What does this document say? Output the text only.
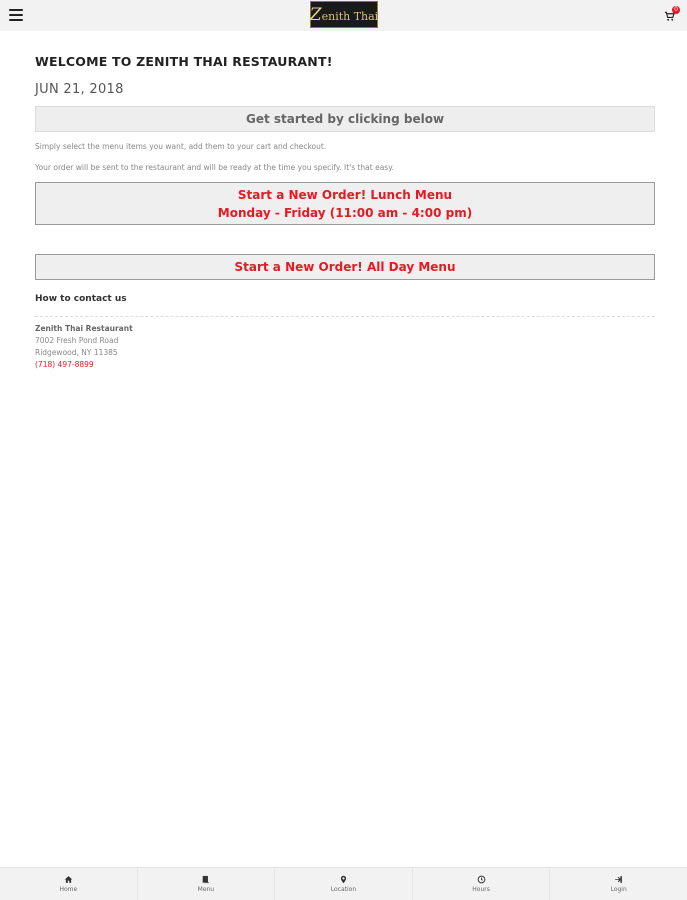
Zenith Thai	0
WELCOME TO ZENITH THAI RESTAURANT!
JUN 21, 2018
Get started by clicking below
Simply select the menu items you want, add them to your cart and checkout.
Your order will be sent to the restaurant and will be ready at the time you specify. It's that easy.
Start a New Order! Lunch Menu
Monday - Friday (11:00 am - 4:00 pm)
Start a New Order! All Day Menu
How to contact us
Zenith Thai Restaurant
7002 Fresh Pond Road
Ridgewood, NY 11385
(718) 497-8899
Home	Menu	Location	Hours	Login
